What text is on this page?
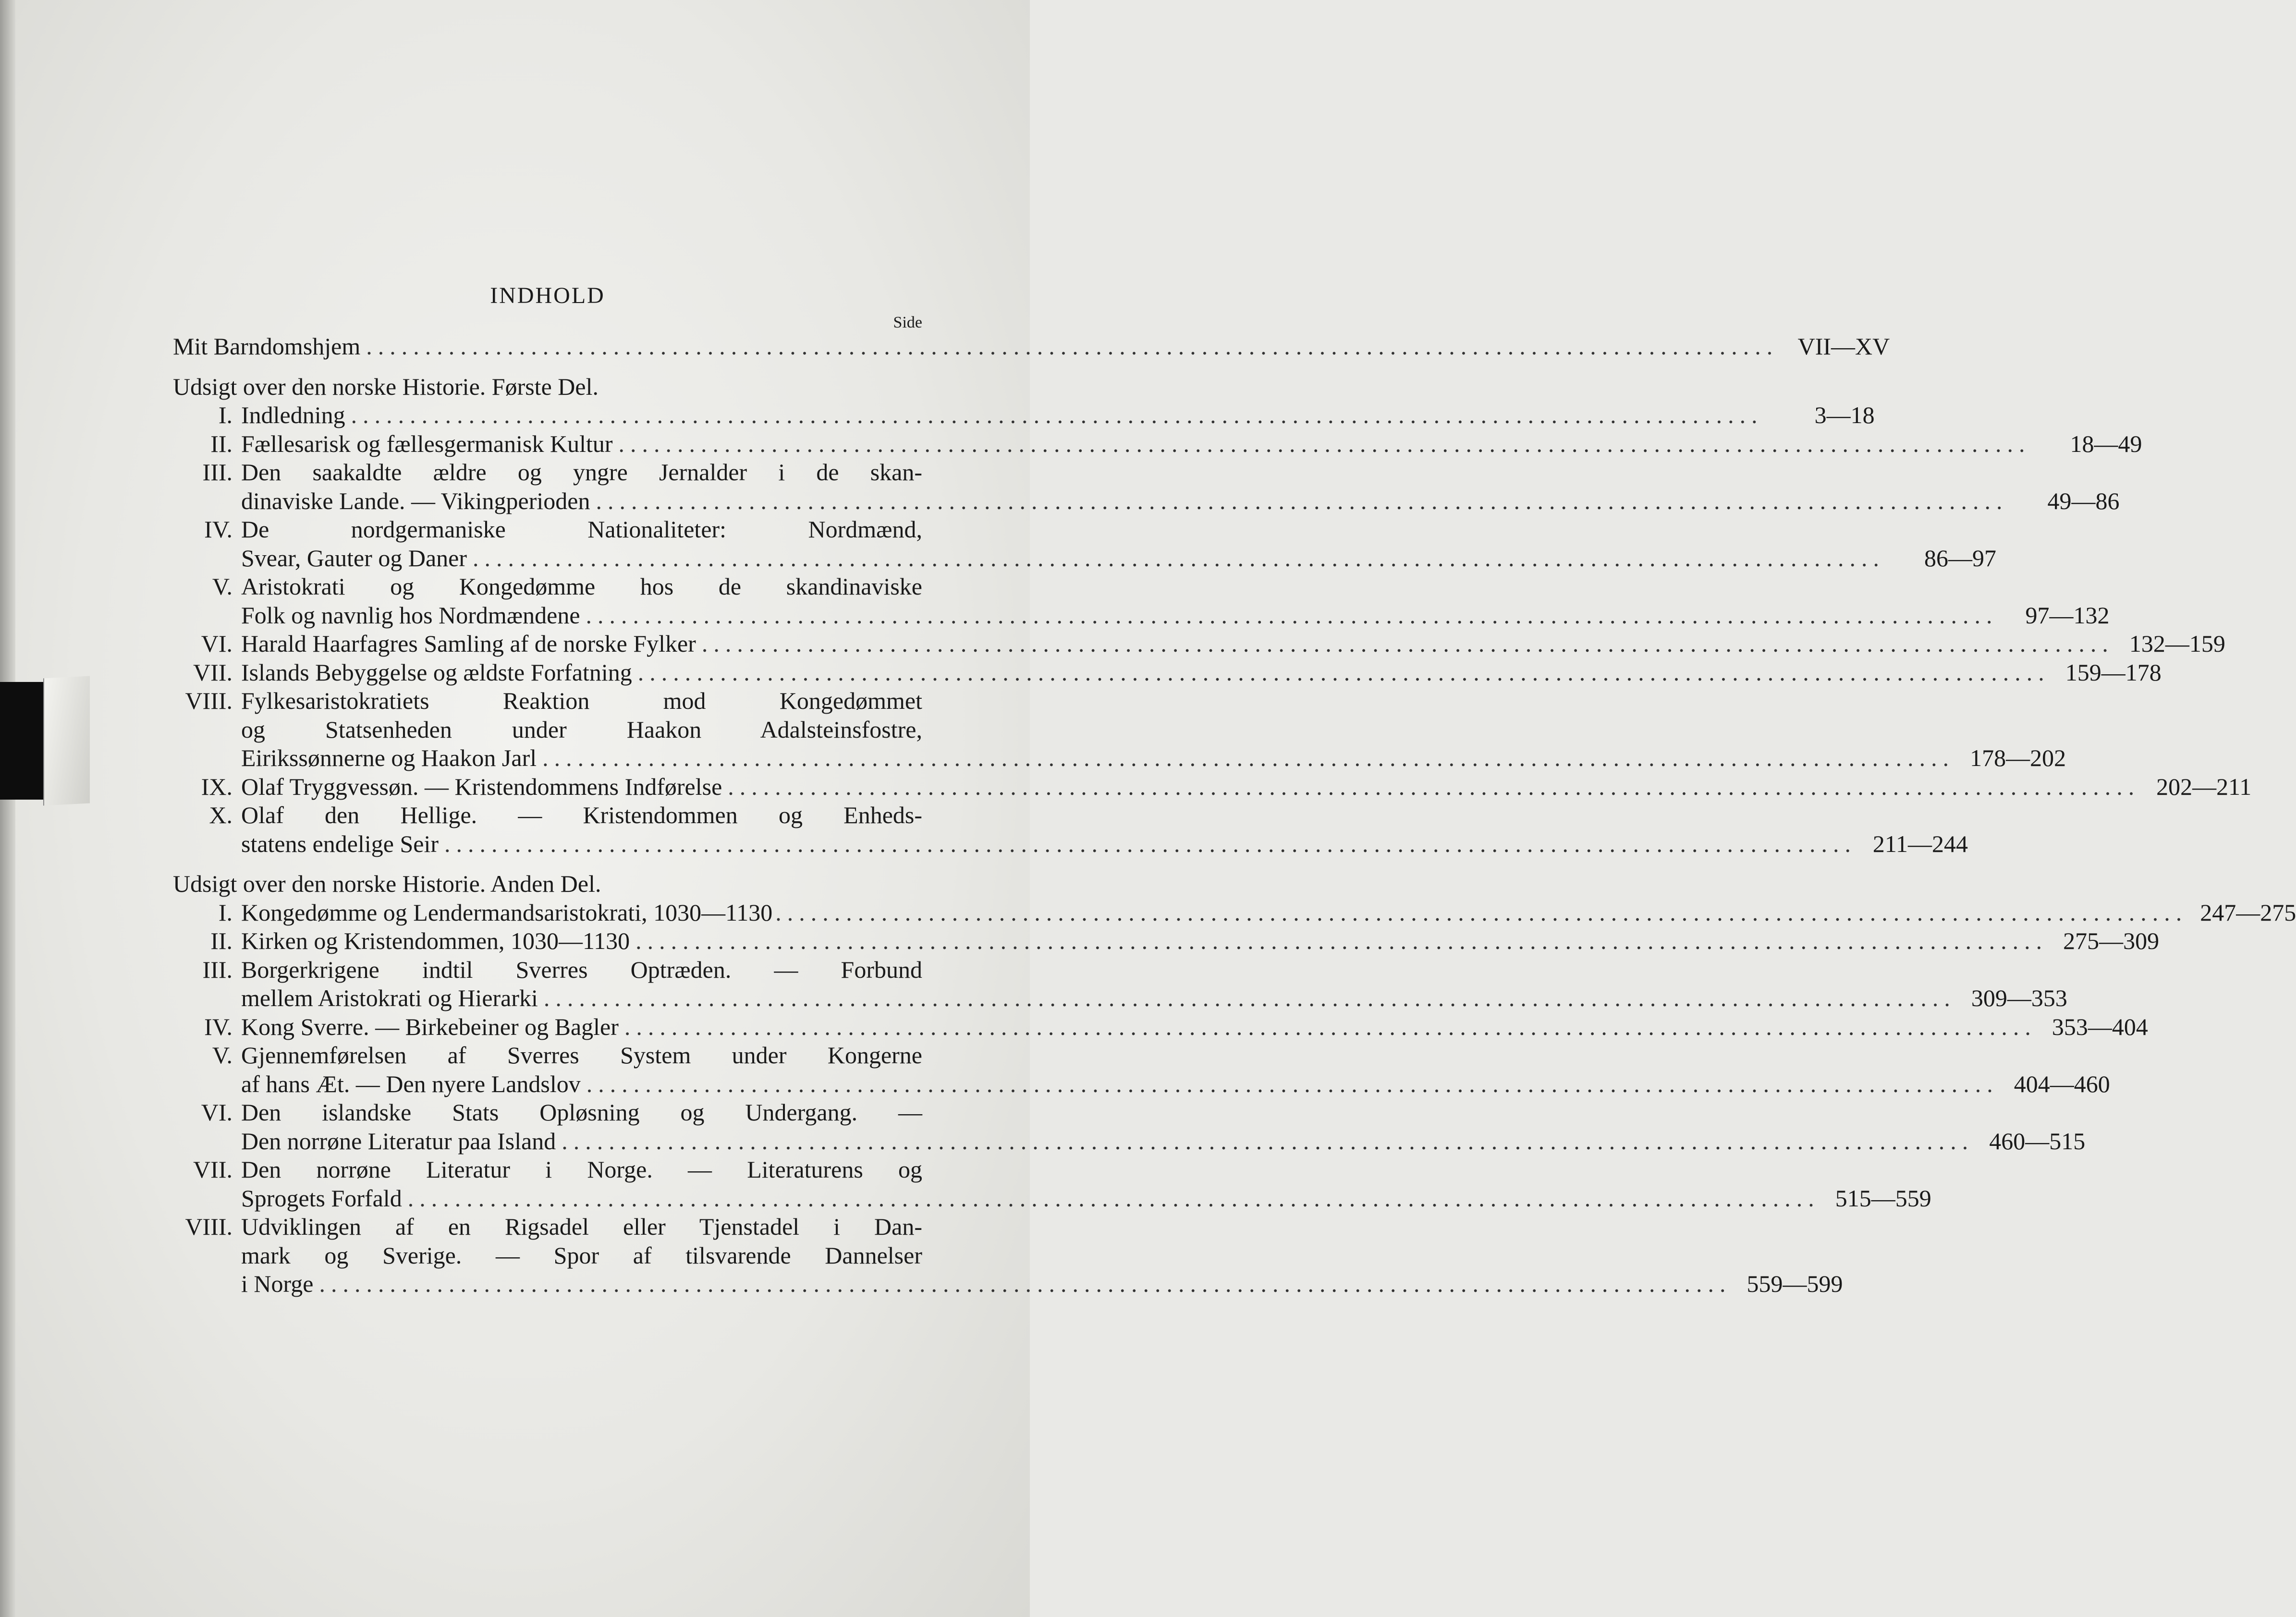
INDHOLD
Side
Mit Barndomshjem ........................................................................................................................ VII—XV
Udsigt over den norske Historie. Første Del.
I. Indledning ........................................................................................................................	3—18
II. Fællesarisk og fællesgermanisk Kultur ........................................................................................................................	18—49
III. Den saakaldte ældre og yngre Jernalder i de skan-
dinaviske Lande. — Vikingperioden ........................................................................................................................	49—86
IV. De nordgermaniske Nationaliteter: Nordmænd,
Svear, Gauter og Daner ........................................................................................................................	86—97
V. Aristokrati og Kongedømme hos de skandinaviske
Folk og navnlig hos Nordmændene ........................................................................................................................	97—132
VI. Harald Haarfagres Samling af de norske Fylker ........................................................................................................................ 132—159
VII. Islands Bebyggelse og ældste Forfatning ........................................................................................................................ 159—178
VIII. Fylkesaristokratiets Reaktion mod Kongedømmet
og Statsenheden under Haakon Adalsteinsfostre,
Eirikssønnerne og Haakon Jarl ........................................................................................................................ 178—202
IX. Olaf Tryggvessøn. — Kristendommens Indførelse ........................................................................................................................ 202—211
X. Olaf den Hellige. — Kristendommen og Enheds-
statens endelige Seir ........................................................................................................................ 211—244
Udsigt over den norske Historie. Anden Del.
I. Kongedømme og Lendermandsaristokrati, 1030—1130 ........................................................................................................................ 247—275
II. Kirken og Kristendommen, 1030—1130 ........................................................................................................................ 275—309
III. Borgerkrigene indtil Sverres Optræden. — Forbund
mellem Aristokrati og Hierarki ........................................................................................................................ 309—353
IV. Kong Sverre. — Birkebeiner og Bagler ........................................................................................................................ 353—404
V. Gjennemførelsen af Sverres System under Kongerne
af hans Æt. — Den nyere Landslov ........................................................................................................................ 404—460
VI. Den islandske Stats Opløsning og Undergang. —
Den norrøne Literatur paa Island ........................................................................................................................ 460—515
VII. Den norrøne Literatur i Norge. — Literaturens og
Sprogets Forfald ........................................................................................................................ 515—559
VIII. Udviklingen af en Rigsadel eller Tjenstadel i Dan-
mark og Sverige. — Spor af tilsvarende Dannelser
i Norge ........................................................................................................................ 559—599
